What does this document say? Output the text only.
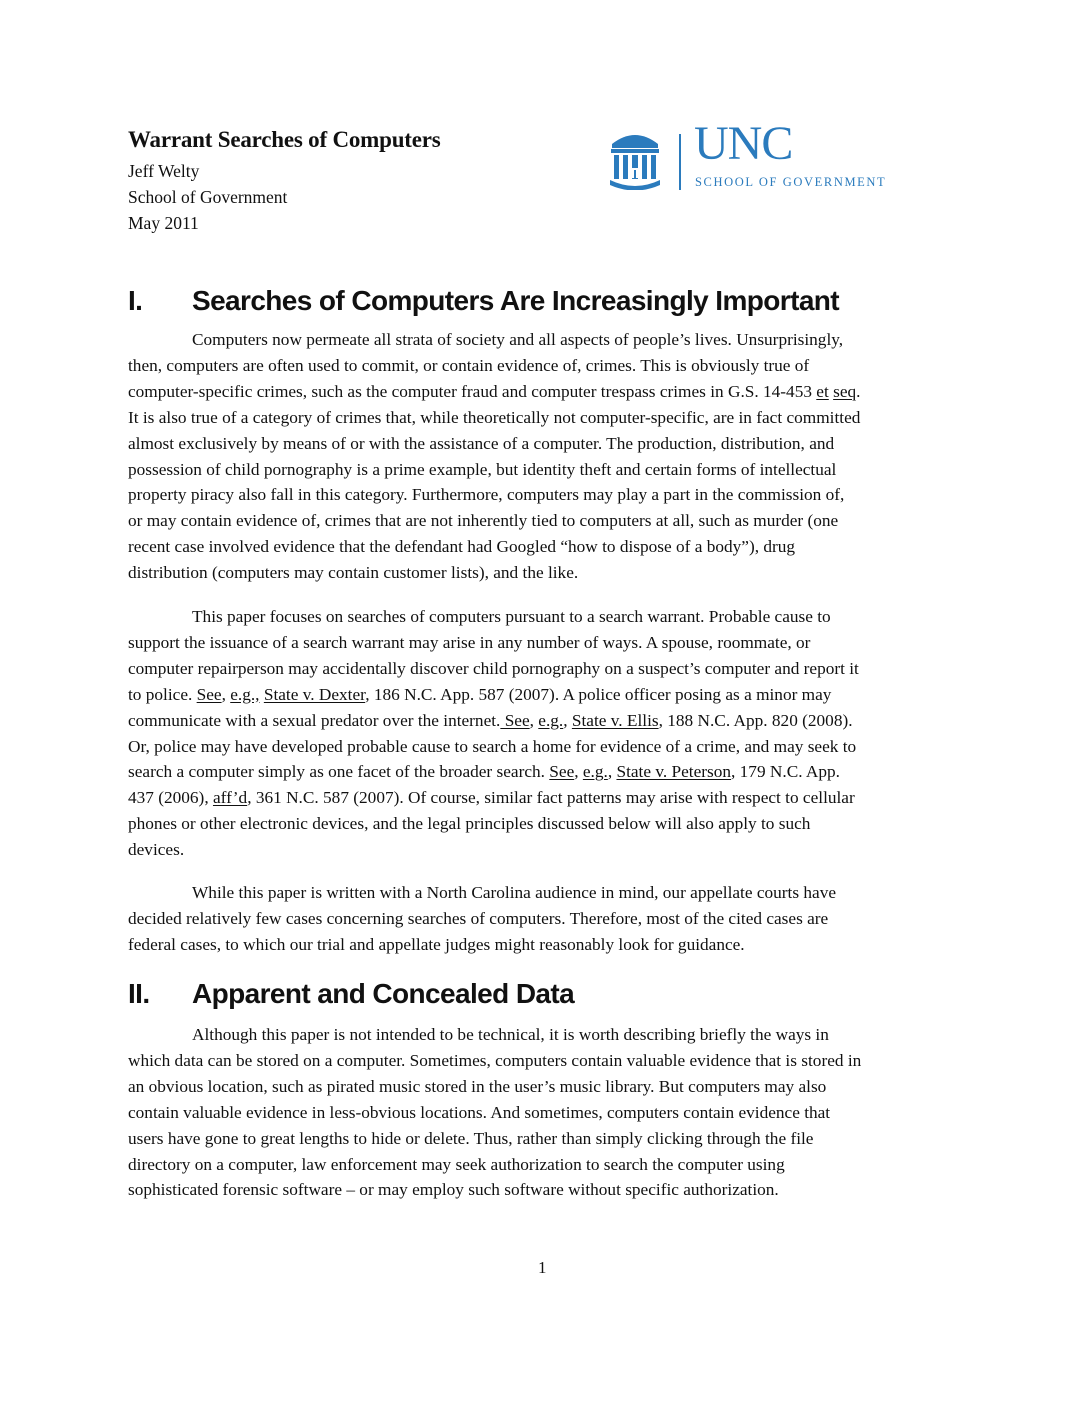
Warrant Searches of Computers
Jeff Welty
School of Government
May 2011
UNC
SCHOOL OF GOVERNMENT
I. Searches of Computers Are Increasingly Important
Computers now permeate all strata of society and all aspects of people’s lives. Unsurprisingly,
then, computers are often used to commit, or contain evidence of, crimes. This is obviously true of
computer-specific crimes, such as the computer fraud and computer trespass crimes in G.S. 14-453 et seq.
It is also true of a category of crimes that, while theoretically not computer-specific, are in fact committed
almost exclusively by means of or with the assistance of a computer. The production, distribution, and
possession of child pornography is a prime example, but identity theft and certain forms of intellectual
property piracy also fall in this category. Furthermore, computers may play a part in the commission of,
or may contain evidence of, crimes that are not inherently tied to computers at all, such as murder (one
recent case involved evidence that the defendant had Googled “how to dispose of a body”), drug
distribution (computers may contain customer lists), and the like.
This paper focuses on searches of computers pursuant to a search warrant. Probable cause to
support the issuance of a search warrant may arise in any number of ways. A spouse, roommate, or
computer repairperson may accidentally discover child pornography on a suspect’s computer and report it
to police. See, e.g., State v. Dexter, 186 N.C. App. 587 (2007). A police officer posing as a minor may
communicate with a sexual predator over the internet. See, e.g., State v. Ellis, 188 N.C. App. 820 (2008).
Or, police may have developed probable cause to search a home for evidence of a crime, and may seek to
search a computer simply as one facet of the broader search. See, e.g., State v. Peterson, 179 N.C. App.
437 (2006), aff’d, 361 N.C. 587 (2007). Of course, similar fact patterns may arise with respect to cellular
phones or other electronic devices, and the legal principles discussed below will also apply to such
devices.
While this paper is written with a North Carolina audience in mind, our appellate courts have
decided relatively few cases concerning searches of computers. Therefore, most of the cited cases are
federal cases, to which our trial and appellate judges might reasonably look for guidance.
II. Apparent and Concealed Data
Although this paper is not intended to be technical, it is worth describing briefly the ways in
which data can be stored on a computer. Sometimes, computers contain valuable evidence that is stored in
an obvious location, such as pirated music stored in the user’s music library. But computers may also
contain valuable evidence in less-obvious locations. And sometimes, computers contain evidence that
users have gone to great lengths to hide or delete. Thus, rather than simply clicking through the file
directory on a computer, law enforcement may seek authorization to search the computer using
sophisticated forensic software – or may employ such software without specific authorization.
1
